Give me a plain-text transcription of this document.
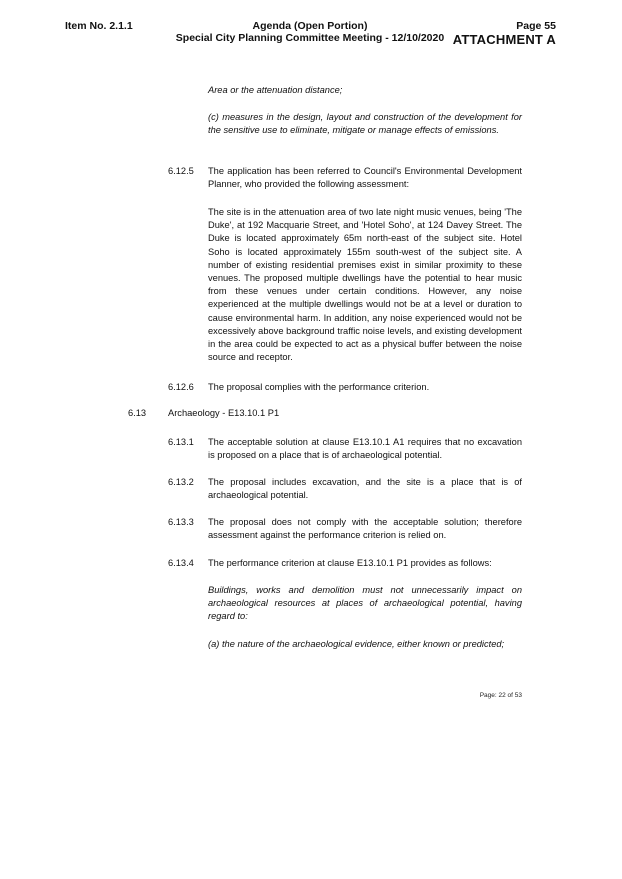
Item No. 2.1.1	Agenda (Open Portion)
Special City Planning Committee Meeting - 12/10/2020
Page 55
ATTACHMENT A

Area or the attenuation distance;

(c) measures in the design, layout and construction of the development for the sensitive use to eliminate, mitigate or manage effects of emissions.

6.12.5 The application has been referred to Council's Environmental Development Planner, who provided the following assessment:

The site is in the attenuation area of two late night music venues, being 'The Duke', at 192 Macquarie Street, and 'Hotel Soho', at 124 Davey Street. The Duke is located approximately 65m north-east of the subject site. Hotel Soho is located approximately 155m south-west of the subject site. A number of existing residential premises exist in similar proximity to these venues. The proposed multiple dwellings have the potential to hear music from these venues under certain conditions. However, any noise experienced at the multiple dwellings would not be at a level or duration to cause environmental harm. In addition, any noise experienced would not be excessively above background traffic noise levels, and existing development in the area could be expected to act as a physical buffer between the noise source and receptor.

6.12.6 The proposal complies with the performance criterion.

6.13 Archaeology - E13.10.1 P1

6.13.1 The acceptable solution at clause E13.10.1 A1 requires that no excavation is proposed on a place that is of archaeological potential.

6.13.2 The proposal includes excavation, and the site is a place that is of archaeological potential.

6.13.3 The proposal does not comply with the acceptable solution; therefore assessment against the performance criterion is relied on.

6.13.4 The performance criterion at clause E13.10.1 P1 provides as follows:

Buildings, works and demolition must not unnecessarily impact on archaeological resources at places of archaeological potential, having regard to:

(a) the nature of the archaeological evidence, either known or predicted;

Page: 22 of 53
